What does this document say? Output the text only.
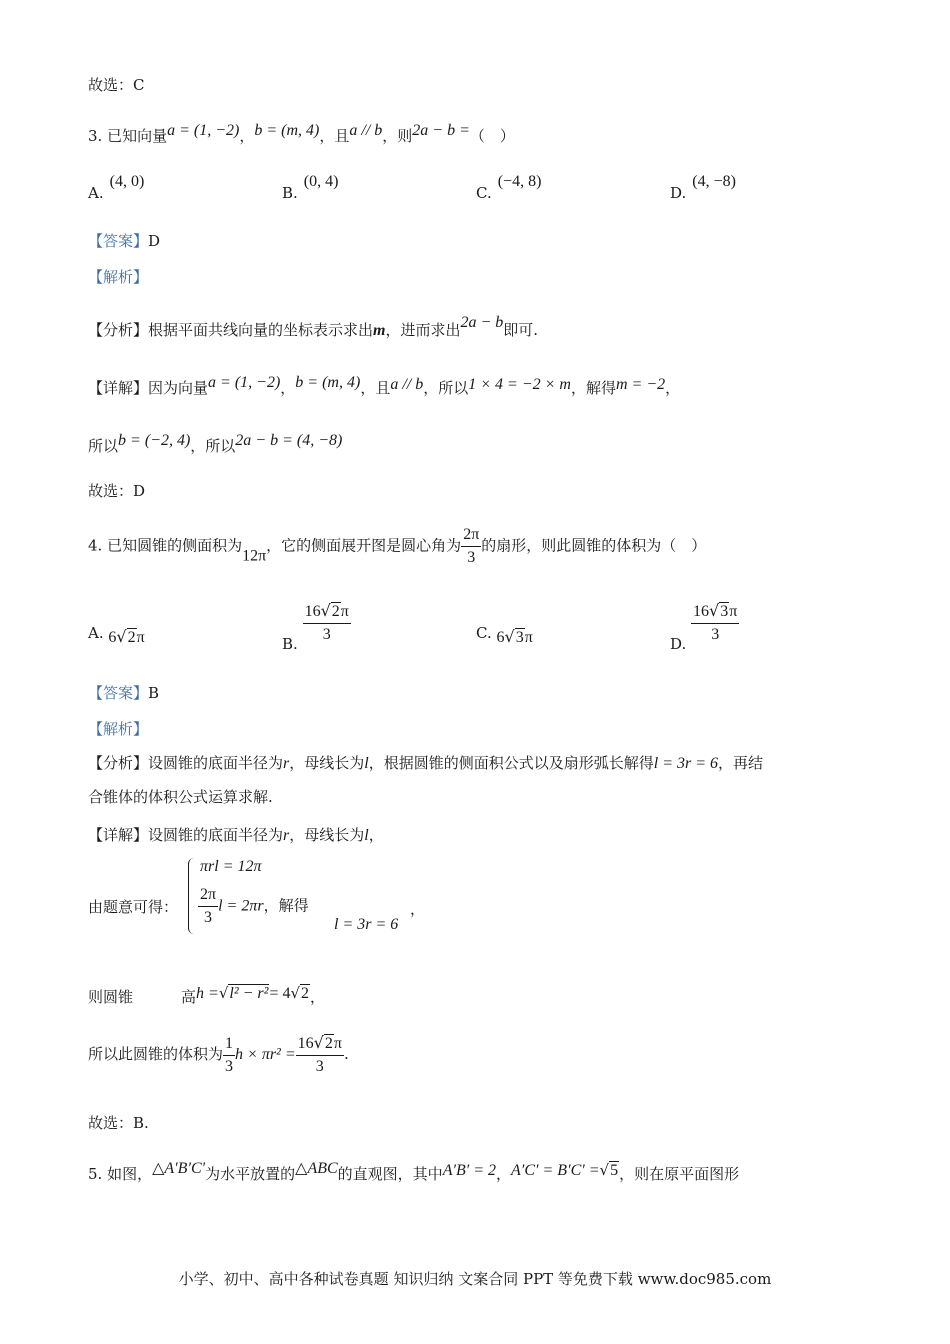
故选：C
3. 已知向量a = (1, −2)，b = (m, 4)，且a // b，则2a − b =（　）
A.(4, 0)
B.(0, 4)
C.(−4, 8)
D.(4, −8)
【答案】D
【解析】
【分析】根据平面共线向量的坐标表示求出m，进而求出2a − b即可.
【详解】因为向量a = (1, −2)，b = (m, 4)，且a // b，所以1 × 4 = −2 × m，解得m = −2，
所以b = (−2, 4)，所以2a − b = (4, −8)
故选：D
4. 已知圆锥的侧面积为12π，它的侧面展开图是圆心角为 $\frac{2\pi}{3}$ 的扇形，则此圆锥的体积为（　）
A. 6√2π	B. $\frac{16√2\pi}{3}$	C. 6√3π	D. $\frac{16√3\pi}{3}$
【答案】B
【解析】
【分析】设圆锥的底面半径为r，母线长为l，根据圆锥的侧面积公式以及扇形弧长解得l = 3r = 6，再结
合锥体的体积公式运算求解.
【详解】设圆锥的底面半径为r，母线长为l，
由题意可得：
πrl = 12π
$\frac{2\pi}{3}$ l = 2πr，解得
l = 3r = 6
，
则圆锥	高h =√l² − r²= 4√2，
所以此圆锥的体积为 $\frac{1}{3}$ $h \times \pi r^2 = \frac{16√2\pi}{3}$ .
故选：B.
5. 如图，△A′B′C′为水平放置的△ABC的直观图，其中A′B′ = 2，A′C′ = B′C′ =√5，则在原平面图形
小学、初中、高中各种试卷真题 知识归纳 文案合同 PPT 等免费下载 www.doc985.com
